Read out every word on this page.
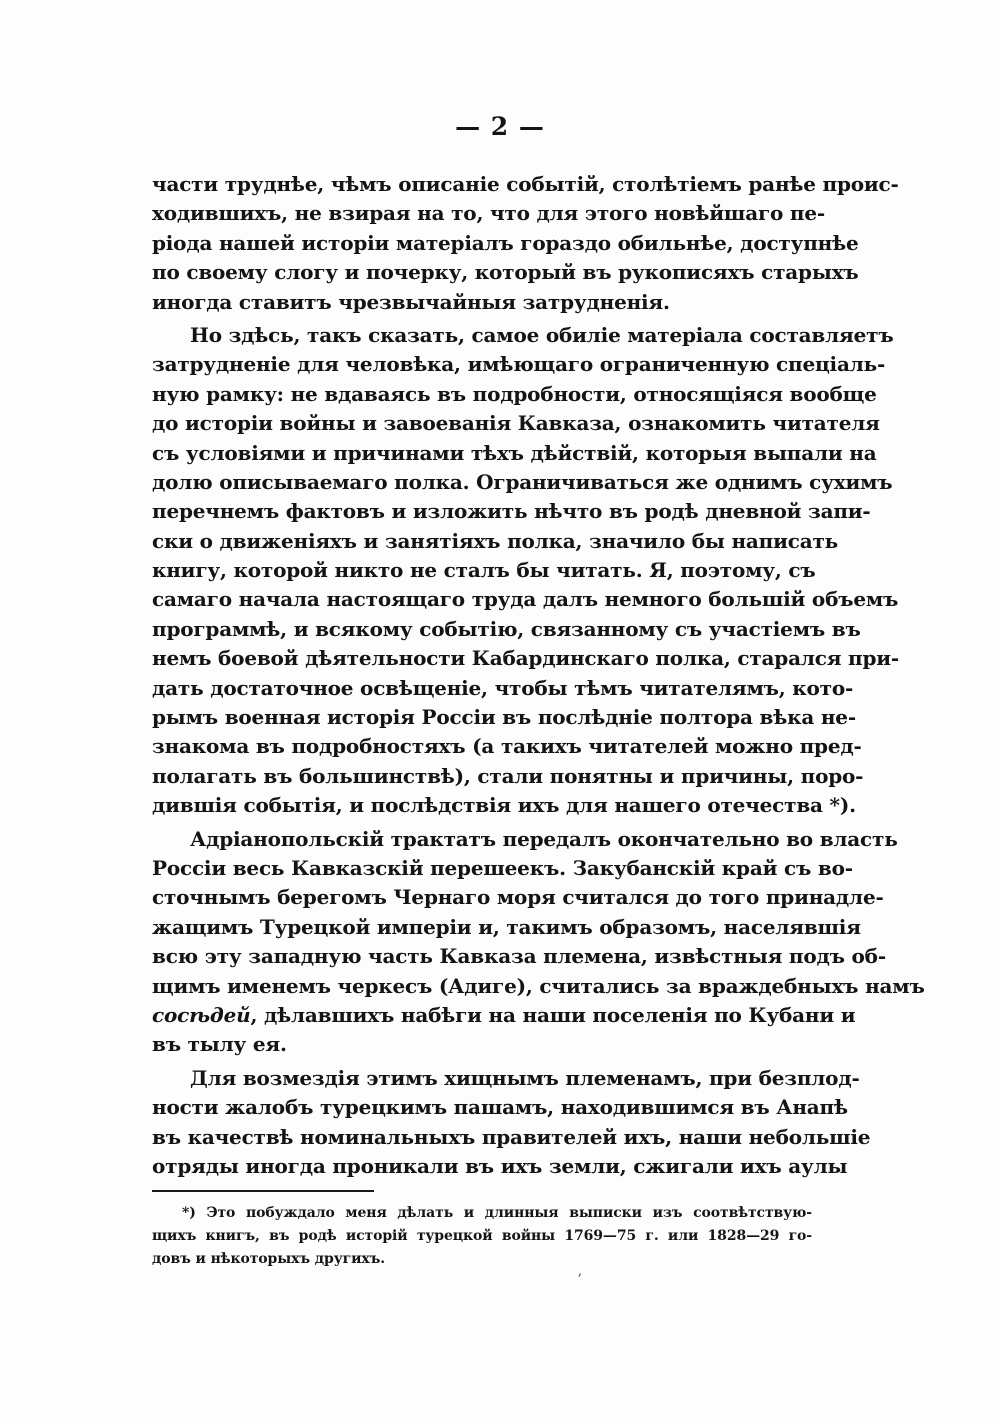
— 2 —
части труднѣе, чѣмъ описаніе событій, столѣтіемъ ранѣе проис-
ходившихъ, не взирая на то, что для этого новѣйшаго пе-
ріода нашей исторіи матеріалъ гораздо обильнѣе, доступнѣе
по своему слогу и почерку, который въ рукописяхъ старыхъ
иногда ставитъ чрезвычайныя затрудненія.
Но здѣсь, такъ сказать, самое обиліе матеріала составляетъ
затрудненіе для человѣка, имѣющаго ограниченную спеціаль-
ную рамку: не вдаваясь въ подробности, относящіяся вообще
до исторіи войны и завоеванія Кавказа, ознакомить читателя
съ условіями и причинами тѣхъ дѣйствій, которыя выпали на
долю описываемаго полка. Ограничиваться же однимъ сухимъ
перечнемъ фактовъ и изложить нѣчто въ родѣ дневной запи-
ски о движеніяхъ и занятіяхъ полка, значило бы написать
книгу, которой никто не сталъ бы читать. Я, поэтому, съ
самаго начала настоящаго труда далъ немного большій объемъ
программѣ, и всякому событію, связанному съ участіемъ въ
немъ боевой дѣятельности Кабардинскаго полка, старался при-
дать достаточное освѣщеніе, чтобы тѣмъ читателямъ, кото-
рымъ военная исторія Россіи въ послѣдніе полтора вѣка не-
знакома въ подробностяхъ (а такихъ читателей можно пред-
полагать въ большинствѣ), стали понятны и причины, поро-
дившія событія, и послѣдствія ихъ для нашего отечества *).
Адріанопольскій трактатъ передалъ окончательно во власть
Россіи весь Кавказскій перешеекъ. Закубанскій край съ во-
сточнымъ берегомъ Чернаго моря считался до того принадле-
жащимъ Турецкой имперіи и, такимъ образомъ, населявшія
всю эту западную часть Кавказа племена, извѣстныя подъ об-
щимъ именемъ черкесъ (Адиге), считались за враждебныхъ намъ
сосѣдей, дѣлавшихъ набѣги на наши поселенія по Кубани и
въ тылу ея.
Для возмездія этимъ хищнымъ племенамъ, при безплод-
ности жалобъ турецкимъ пашамъ, находившимся въ Анапѣ
въ качествѣ номинальныхъ правителей ихъ, наши небольшіе
отряды иногда проникали въ ихъ земли, сжигали ихъ аулы
*) Это побуждало меня дѣлать и длинныя выписки изъ соотвѣтствую-
щихъ книгъ, въ родѣ исторій турецкой войны 1769—75 г. или 1828—29 го-
довъ и нѣкоторыхъ другихъ.
ʼ
